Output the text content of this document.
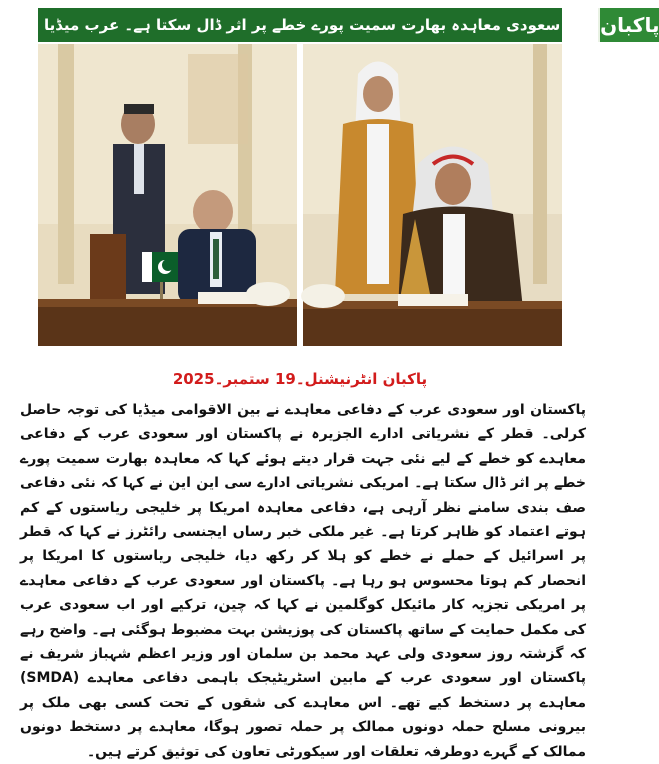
پاکبان
پاک سعودی معاہدہ بھارت سمیت پورے خطے پر اثر ڈال سکتا ہے۔ عرب میڈیا
پاکبان انٹرنیشنل۔19 ستمبر۔2025
پاکستان اور سعودی عرب کے دفاعی معاہدے نے بین الاقوامی میڈیا کی توجہ حاصل کرلی۔ قطر کے نشریاتی ادارے الجزیرہ نے پاکستان اور سعودی عرب کے دفاعی معاہدے کو خطے کے لیے نئی جہت قرار دیتے ہوئے کہا کہ معاہدہ بھارت سمیت پورے خطے پر اثر ڈال سکتا ہے۔ امریکی نشریاتی ادارے سی این این نے کہا کہ نئی دفاعی صف بندی سامنے نظر آرہی ہے، دفاعی معاہدہ امریکا پر خلیجی ریاستوں کے کم ہوتے اعتماد کو ظاہر کرتا ہے۔ غیر ملکی خبر رساں ایجنسی رائٹرز نے کہا کہ قطر پر اسرائیل کے حملے نے خطے کو ہلا کر رکھ دیا، خلیجی ریاستوں کا امریکا پر انحصار کم ہوتا محسوس ہو رہا ہے۔ پاکستان اور سعودی عرب کے دفاعی معاہدے پر امریکی تجزیہ کار مائیکل کوگلمین نے کہا کہ چین، ترکیے اور اب سعودی عرب کی مکمل حمایت کے ساتھ پاکستان کی پوزیشن بہت مضبوط ہوگئی ہے۔ واضح رہے کہ گزشتہ روز سعودی ولی عہد محمد بن سلمان اور وزیر اعظم شہباز شریف نے پاکستان اور سعودی عرب کے مابین اسٹریٹیجک باہمی دفاعی معاہدے (SMDA) معاہدے پر دستخط کیے تھے۔ اس معاہدے کی شقوں کے تحت کسی بھی ملک پر بیرونی مسلح حملہ دونوں ممالک پر حملہ تصور ہوگا، معاہدے پر دستخط دونوں ممالک کے گہرے دوطرفہ تعلقات اور سیکورٹی تعاون کی توثیق کرتے ہیں۔
